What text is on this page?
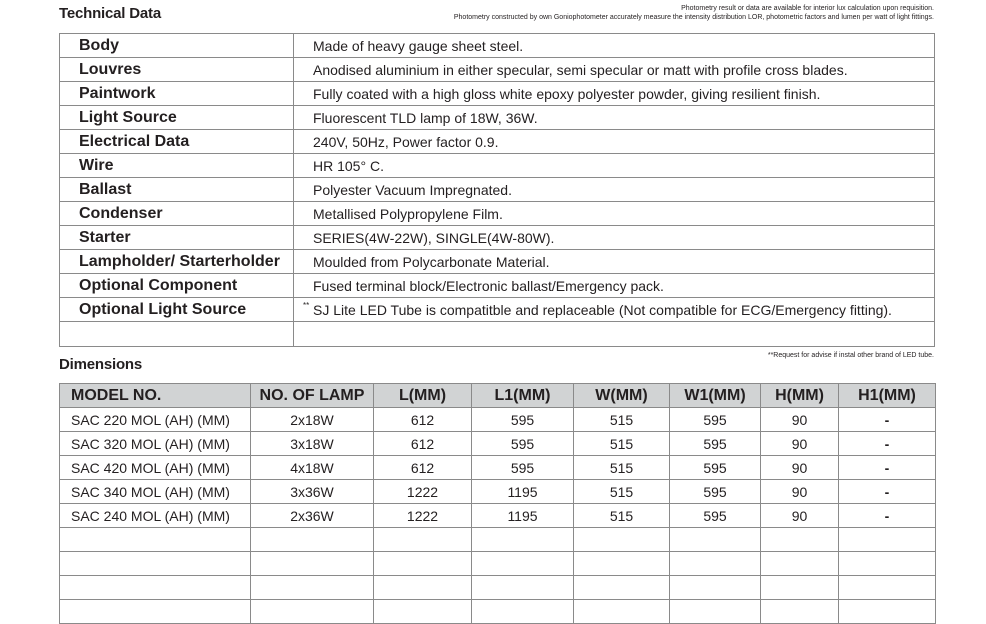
Technical Data	Photometry result or data are available for interior lux calculation upon requisition.
Photometry constructed by own Goniophotometer accurately measure the intensity distribution LOR, photometric factors and lumen per watt of light fittings.
Body	Made of heavy gauge sheet steel.
Louvres	Anodised aluminium in either specular, semi specular or matt with profile cross blades.
Paintwork	Fully coated with a high gloss white epoxy polyester powder, giving resilient finish.
Light Source	Fluorescent TLD lamp of 18W, 36W.
Electrical Data	240V, 50Hz, Power factor 0.9.
Wire	HR 105° C.
Ballast	Polyester Vacuum Impregnated.
Condenser	Metallised Polypropylene Film.
Starter	SERIES(4W-22W), SINGLE(4W-80W).
Lampholder/ Starterholder	Moulded from Polycarbonate Material.
Optional Component	Fused terminal block/Electronic ballast/Emergency pack.
Optional Light Source	** SJ Lite LED Tube is compatitble and replaceable (Not compatible for ECG/Emergency fitting).

Dimensions
**Request for advise if instal other brand of LED tube.
MODEL NO.	NO. OF LAMP	L(MM)	L1(MM)	W(MM)	W1(MM)	H(MM)	H1(MM)
SAC 220 MOL (AH) (MM)	2x18W	612	595	515	595	90	-
SAC 320 MOL (AH) (MM)	3x18W	612	595	515	595	90	-
SAC 420 MOL (AH) (MM)	4x18W	612	595	515	595	90	-
SAC 340 MOL (AH) (MM)	3x36W	1222	1195	515	595	90	-
SAC 240 MOL (AH) (MM)	2x36W	1222	1195	515	595	90	-
